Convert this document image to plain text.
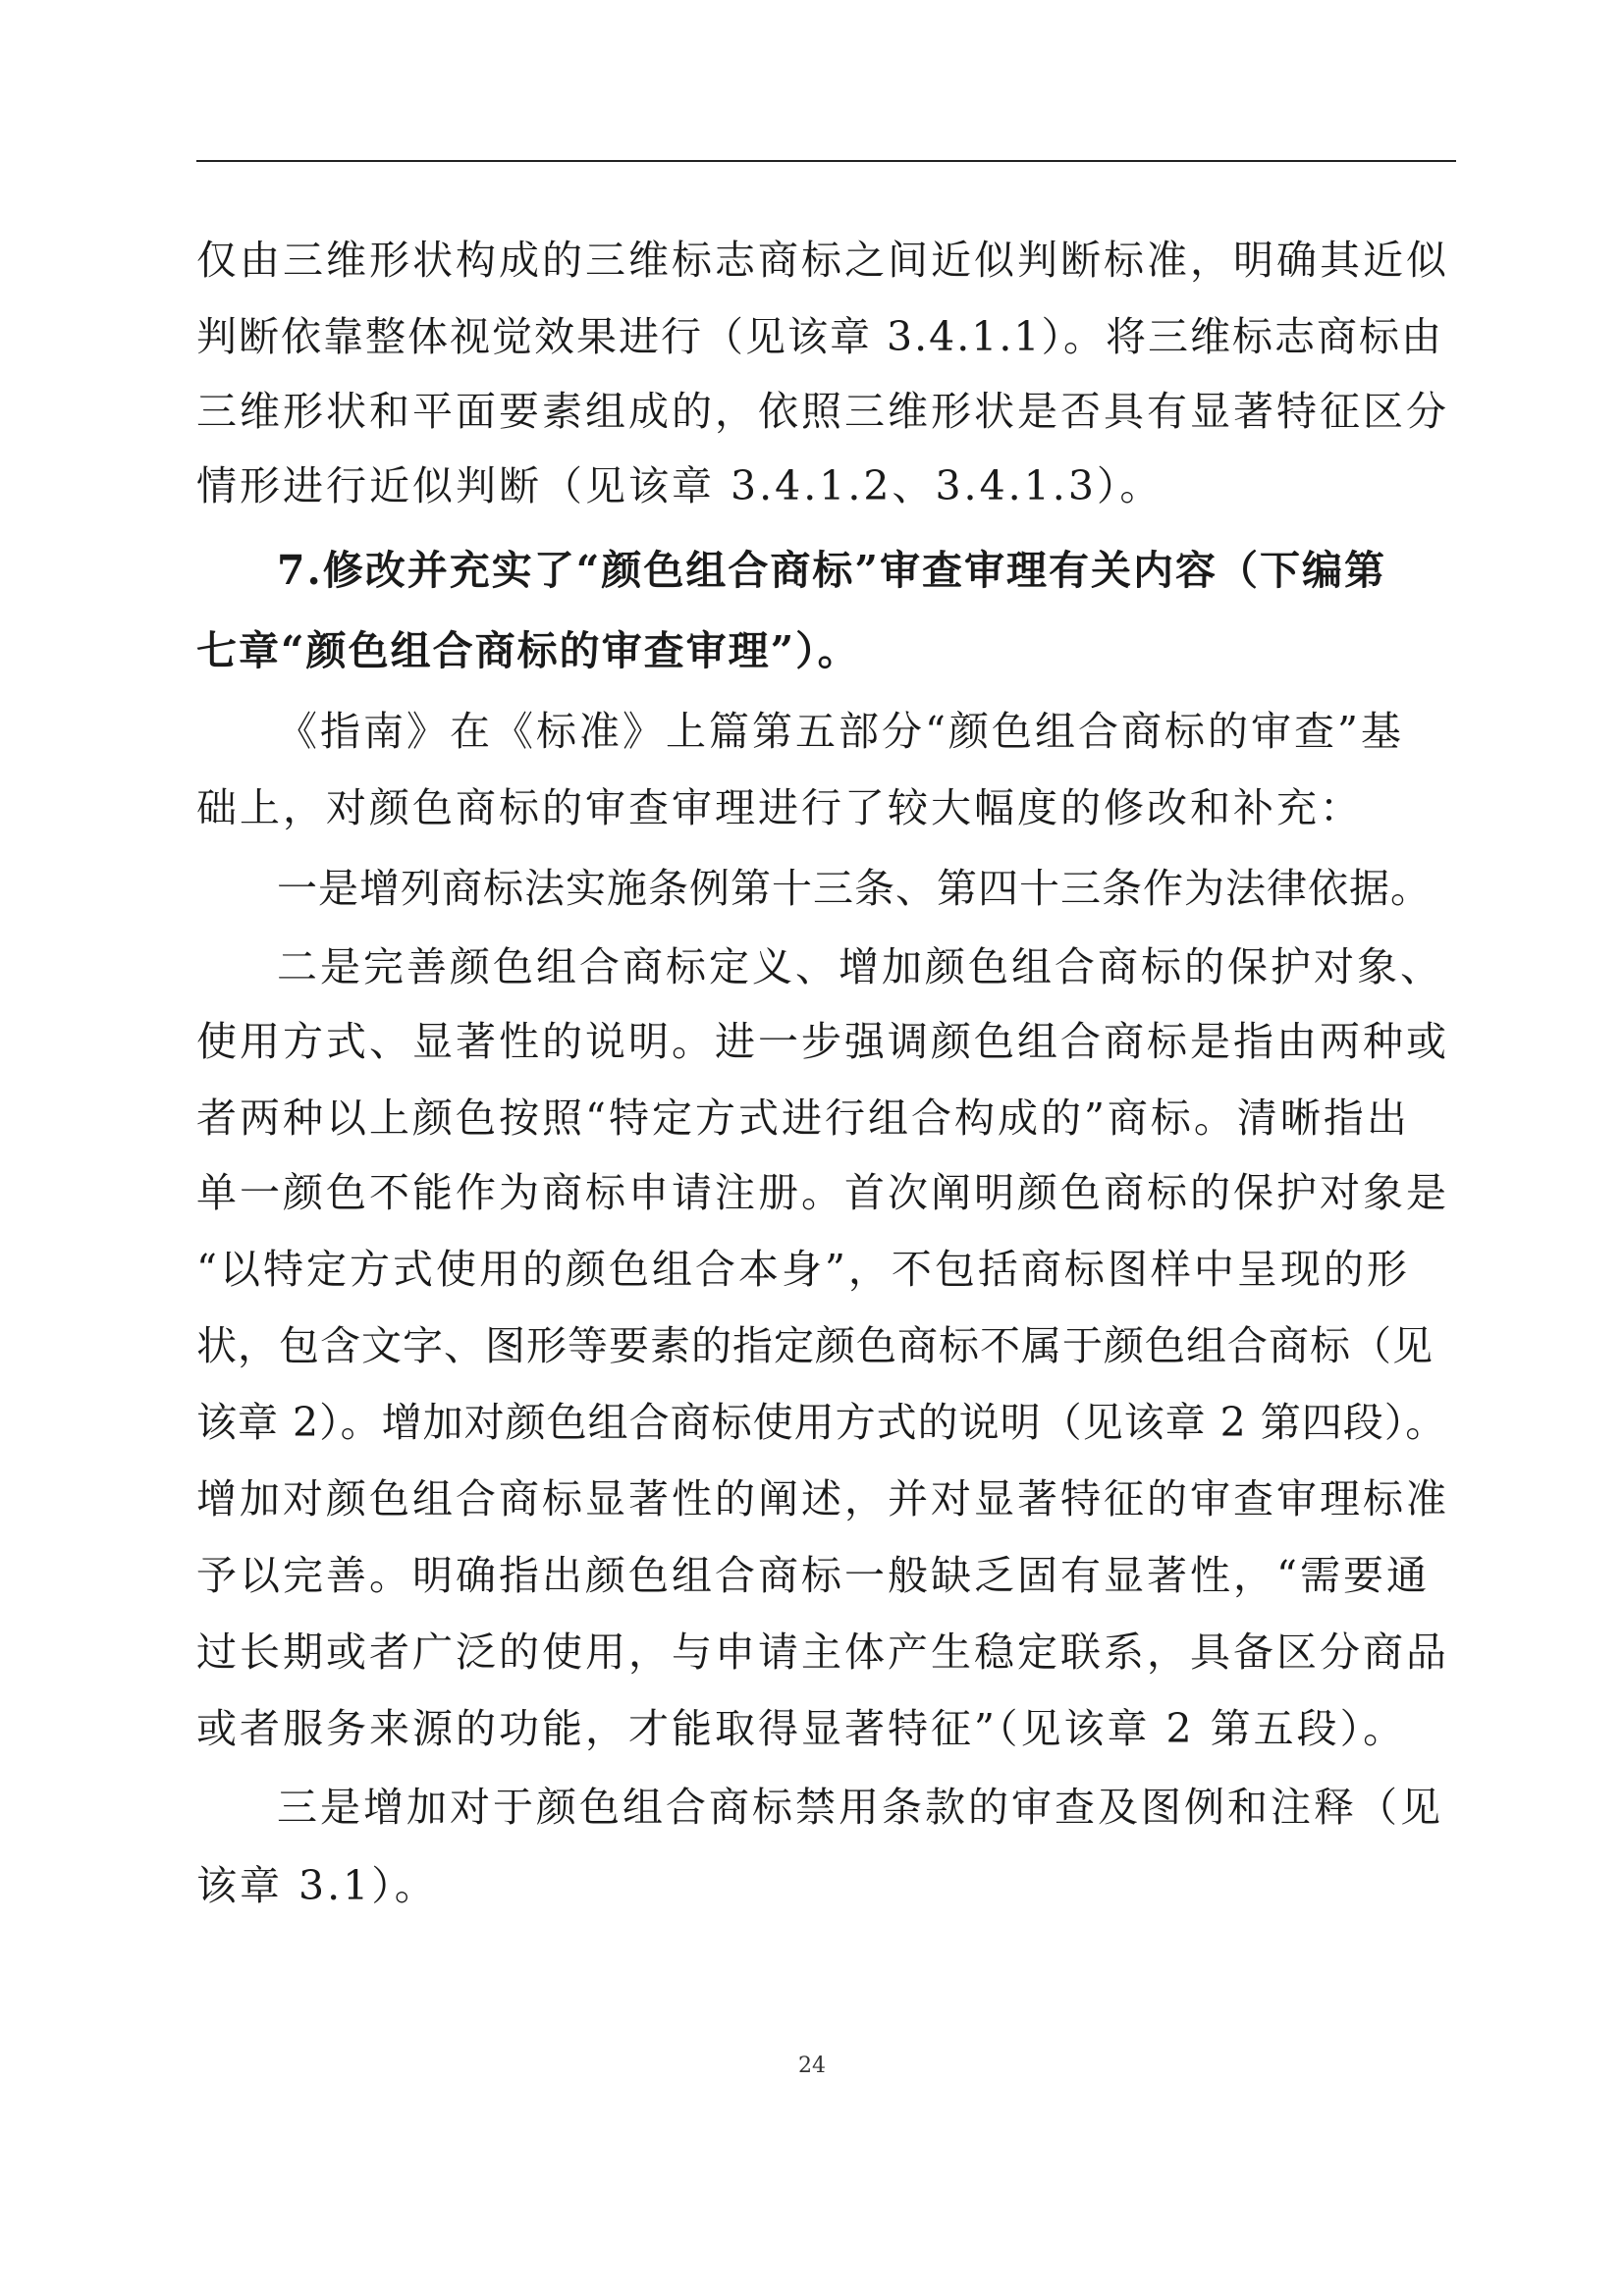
仅由三维形状构成的三维标志商标之间近似判断标准，明确其近似
判断依靠整体视觉效果进行（见该章 3.4.1.1）。将三维标志商标由
三维形状和平面要素组成的，依照三维形状是否具有显著特征区分
情形进行近似判断（见该章 3.4.1.2、3.4.1.3）。
7.修改并充实了“颜色组合商标”审查审理有关内容（下编第
七章“颜色组合商标的审查审理”）。
《指南》在《标准》上篇第五部分“颜色组合商标的审查”基
础上，对颜色商标的审查审理进行了较大幅度的修改和补充：
一是增列商标法实施条例第十三条、第四十三条作为法律依据。
二是完善颜色组合商标定义、增加颜色组合商标的保护对象、
使用方式、显著性的说明。进一步强调颜色组合商标是指由两种或
者两种以上颜色按照“特定方式进行组合构成的”商标。清晰指出
单一颜色不能作为商标申请注册。首次阐明颜色商标的保护对象是
“以特定方式使用的颜色组合本身”，不包括商标图样中呈现的形
状，包含文字、图形等要素的指定颜色商标不属于颜色组合商标（见
该章 2）。增加对颜色组合商标使用方式的说明（见该章 2 第四段）。
增加对颜色组合商标显著性的阐述，并对显著特征的审查审理标准
予以完善。明确指出颜色组合商标一般缺乏固有显著性，“需要通
过长期或者广泛的使用，与申请主体产生稳定联系，具备区分商品
或者服务来源的功能，才能取得显著特征”（见该章 2 第五段）。
三是增加对于颜色组合商标禁用条款的审查及图例和注释（见
该章 3.1）。
24
